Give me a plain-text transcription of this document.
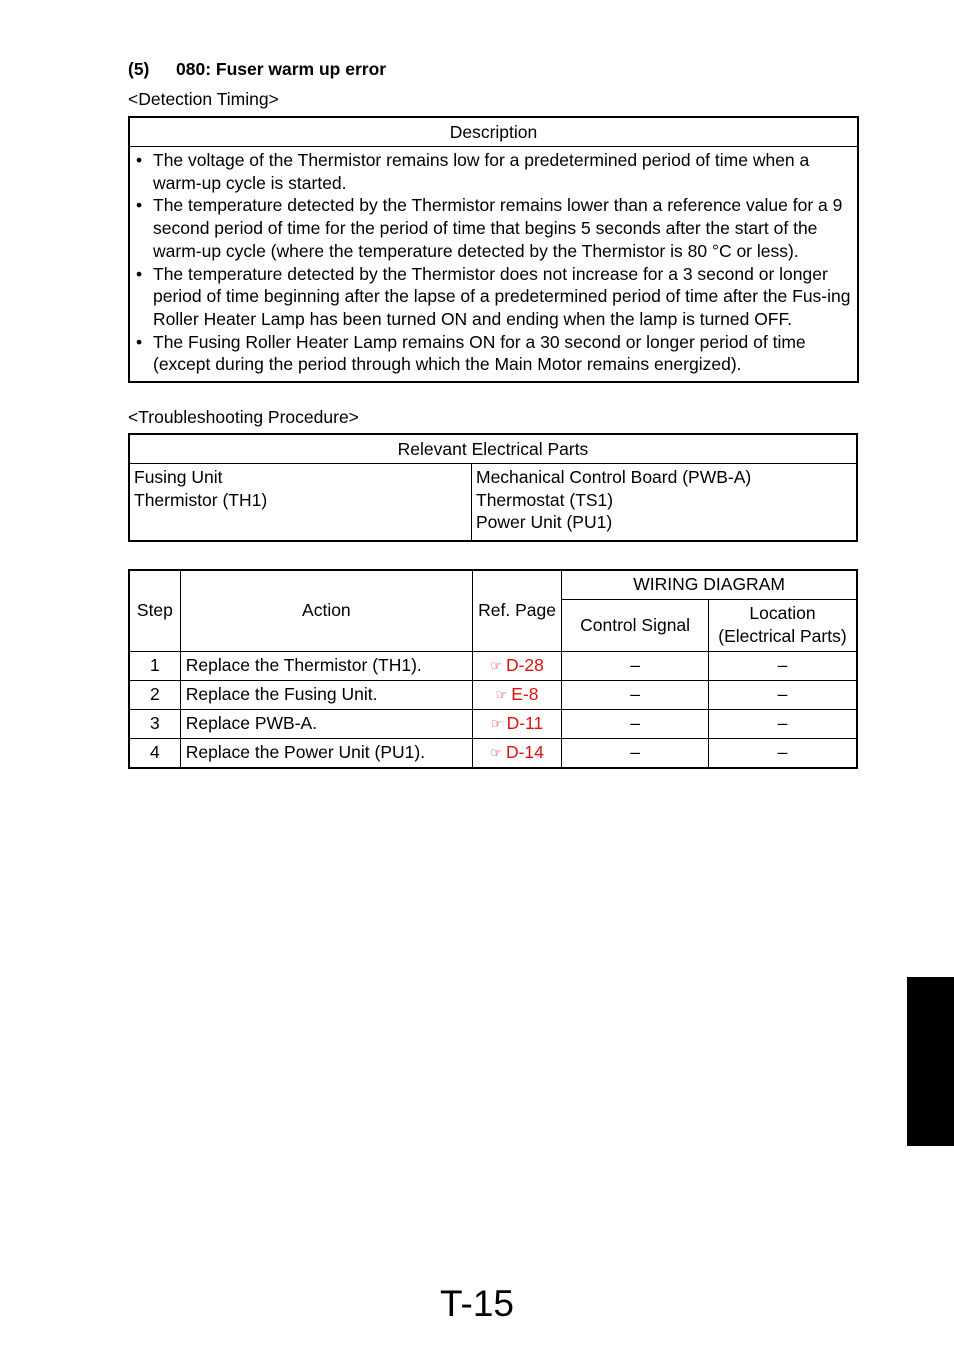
(5) 080: Fuser warm up error
<Detection Timing>
Description

• The voltage of the Thermistor remains low for a predetermined period of time when a warm-up cycle is started.
• The temperature detected by the Thermistor remains lower than a reference value for a 9 second period of time for the period of time that begins 5 seconds after the start of the warm-up cycle (where the temperature detected by the Thermistor is 80 °C or less).
• The temperature detected by the Thermistor does not increase for a 3 second or longer period of time beginning after the lapse of a predetermined period of time after the Fus-ing Roller Heater Lamp has been turned ON and ending when the lamp is turned OFF.
• The Fusing Roller Heater Lamp remains ON for a 30 second or longer period of time (except during the period through which the Main Motor remains energized).
<Troubleshooting Procedure>
Relevant Electrical Parts

Fusing Unit
Thermistor (TH1)

Mechanical Control Board (PWB-A)
Thermostat (TS1)
Power Unit (PU1)
Step	Action	Ref. Page	WIRING DIAGRAM	
			Control Signal	Location
(Electrical Parts)

1	Replace the Thermistor (TH1).	☞ D-28	–	–
2	Replace the Fusing Unit.	☞ E-8	–	–
3	Replace PWB-A.	☞ D-11	–	–
4	Replace the Power Unit (PU1).	☞ D-14	–	–
T-15
